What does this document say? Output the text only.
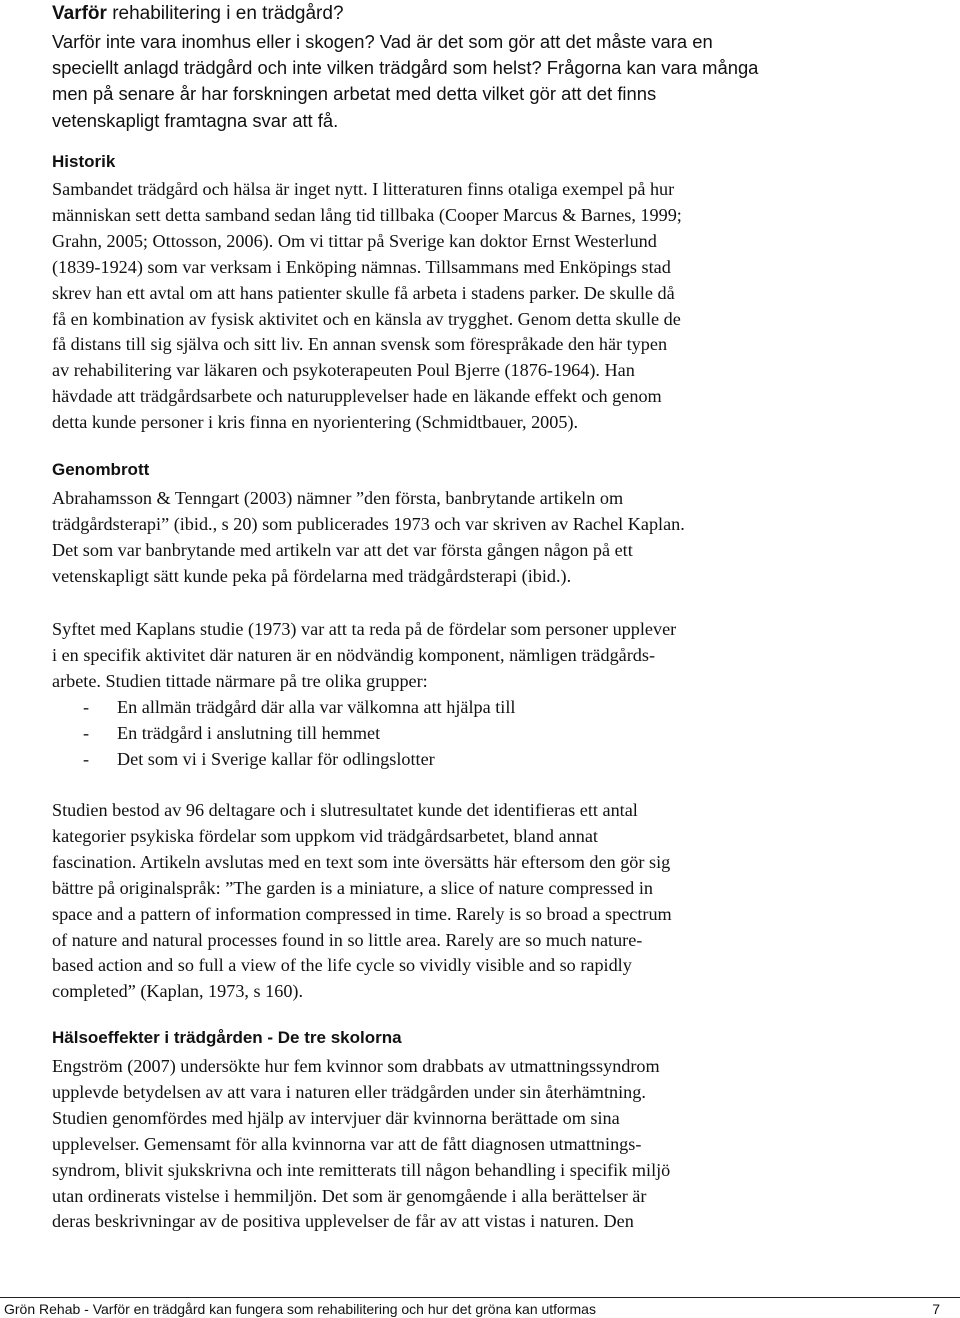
Varför rehabilitering i en trädgård?
Varför inte vara inomhus eller i skogen? Vad är det som gör att det måste vara en
speciellt anlagd trädgård och inte vilken trädgård som helst? Frågorna kan vara många
men på senare år har forskningen arbetat med detta vilket gör att det finns
vetenskapligt framtagna svar att få.
Historik
Sambandet trädgård och hälsa är inget nytt. I litteraturen finns otaliga exempel på hur
människan sett detta samband sedan lång tid tillbaka (Cooper Marcus & Barnes, 1999;
Grahn, 2005; Ottosson, 2006). Om vi tittar på Sverige kan doktor Ernst Westerlund
(1839-1924) som var verksam i Enköping nämnas. Tillsammans med Enköpings stad
skrev han ett avtal om att hans patienter skulle få arbeta i stadens parker. De skulle då
få en kombination av fysisk aktivitet och en känsla av trygghet. Genom detta skulle de
få distans till sig själva och sitt liv. En annan svensk som förespråkade den här typen
av rehabilitering var läkaren och psykoterapeuten Poul Bjerre (1876-1964). Han
hävdade att trädgårdsarbete och naturupplevelser hade en läkande effekt och genom
detta kunde personer i kris finna en nyorientering (Schmidtbauer, 2005).
Genombrott
Abrahamsson & Tenngart (2003) nämner ”den första, banbrytande artikeln om
trädgårdsterapi” (ibid., s 20) som publicerades 1973 och var skriven av Rachel Kaplan.
Det som var banbrytande med artikeln var att det var första gången någon på ett
vetenskapligt sätt kunde peka på fördelarna med trädgårdsterapi (ibid.).
Syftet med Kaplans studie (1973) var att ta reda på de fördelar som personer upplever
i en specifik aktivitet där naturen är en nödvändig komponent, nämligen trädgårds-
arbete. Studien tittade närmare på tre olika grupper:
- En allmän trädgård där alla var välkomna att hjälpa till
- En trädgård i anslutning till hemmet
- Det som vi i Sverige kallar för odlingslotter
Studien bestod av 96 deltagare och i slutresultatet kunde det identifieras ett antal
kategorier psykiska fördelar som uppkom vid trädgårdsarbetet, bland annat
fascination. Artikeln avslutas med en text som inte översätts här eftersom den gör sig
bättre på originalspråk: ”The garden is a miniature, a slice of nature compressed in
space and a pattern of information compressed in time. Rarely is so broad a spectrum
of nature and natural processes found in so little area. Rarely are so much nature-
based action and so full a view of the life cycle so vividly visible and so rapidly
completed” (Kaplan, 1973, s 160).
Hälsoeffekter i trädgården - De tre skolorna
Engström (2007) undersökte hur fem kvinnor som drabbats av utmattningssyndrom
upplevde betydelsen av att vara i naturen eller trädgården under sin återhämtning.
Studien genomfördes med hjälp av intervjuer där kvinnorna berättade om sina
upplevelser. Gemensamt för alla kvinnorna var att de fått diagnosen utmattnings-
syndrom, blivit sjukskrivna och inte remitterats till någon behandling i specifik miljö
utan ordinerats vistelse i hemmiljön. Det som är genomgående i alla berättelser är
deras beskrivningar av de positiva upplevelser de får av att vistas i naturen. Den
Grön Rehab - Varför en trädgård kan fungera som rehabilitering och hur det gröna kan utformas	7
